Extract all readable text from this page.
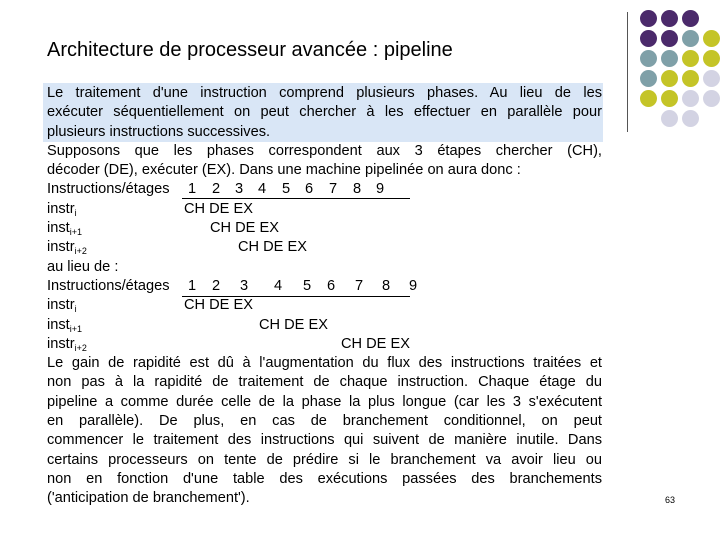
Architecture de processeur avancée : pipeline
Le traitement d'une instruction comprend plusieurs phases. Au lieu de les
exécuter séquentiellement on peut chercher à les effectuer en parallèle pour
plusieurs instructions successives.
Supposons que les phases correspondent aux 3 étapes chercher (CH),
décoder (DE), exécuter (EX). Dans une machine pipelinée on aura donc :
Instructions/étages 1 2 3 4 5 6 7 8 9
instr$_i$	CH DE EX
inst$_{i+1}$	CH DE EX
instr$_{i+2}$	CH DE EX
au lieu de :
Instructions/étages 1 2 3 4 5 6 7 8 9
instr$_i$	CH DE EX
inst$_{i+1}$	CH DE EX
instr$_{i+2}$	CH DE EX
Le gain de rapidité est dû à l'augmentation du flux des instructions traitées et
non pas à la rapidité de traitement de chaque instruction. Chaque étage du
pipeline a comme durée celle de la phase la plus longue (car les 3 s'exécutent
en parallèle). De plus, en cas de branchement conditionnel, on peut
commencer le traitement des instructions qui suivent de manière inutile. Dans
certains processeurs on tente de prédire si le branchement va avoir lieu ou
non en fonction d'une table des exécutions passées des branchements
('anticipation de branchement').	63
